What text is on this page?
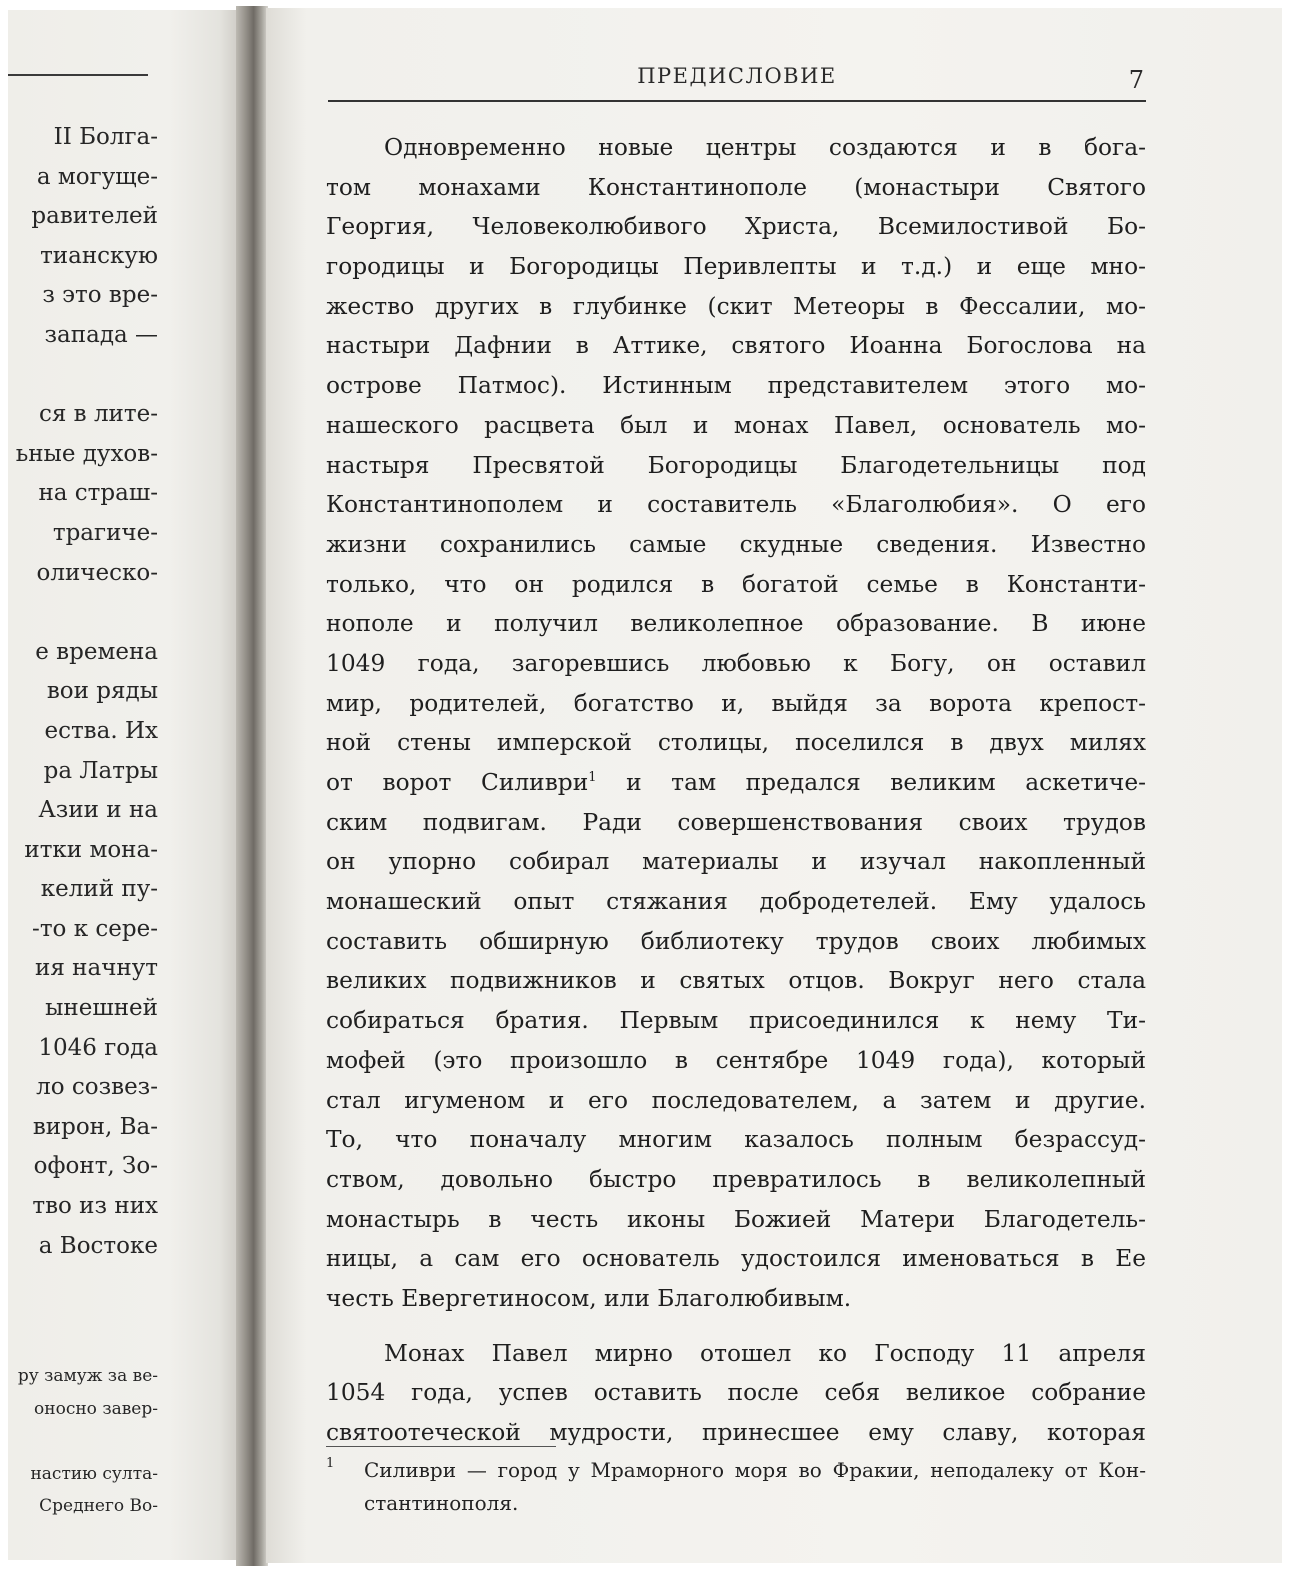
II Болга-
а могуще-
равителей
тианскую
з это вре-
запада —
ся в лите-
ьные духов-
на страш-
трагиче-
олическо-
е времена
вои ряды
ества. Их
ра Латры
Азии и на
итки мона-
келий пу-
-то к сере-
ия начнут
ынешней
1046 года
ло созвез-
вирон, Ва-
офонт, Зо-
тво из них
а Востоке
ру замуж за ве-
оносно завер-
настию султа-
Среднего Во-
ПРЕДИСЛОВИЕ	7
Одновременно новые центры создаются и в бога-
том монахами Константинополе (монастыри Святого
Георгия, Человеколюбивого Христа, Всемилостивой Бо-
городицы и Богородицы Перивлепты и т.д.) и еще мно-
жество других в глубинке (скит Метеоры в Фессалии, мо-
настыри Дафнии в Аттике, святого Иоанна Богослова на
острове Патмос). Истинным представителем этого мо-
нашеского расцвета был и монах Павел, основатель мо-
настыря Пресвятой Богородицы Благодетельницы под
Константинополем и составитель «Благолюбия». О его
жизни сохранились самые скудные сведения. Известно
только, что он родился в богатой семье в Константи-
нополе и получил великолепное образование. В июне
1049 года, загоревшись любовью к Богу, он оставил
мир, родителей, богатство и, выйдя за ворота крепост-
ной стены имперской столицы, поселился в двух милях
от ворот Силиври$^1$ и там предался великим аскетиче-
ским подвигам. Ради совершенствования своих трудов
он упорно собирал материалы и изучал накопленный
монашеский опыт стяжания добродетелей. Ему удалось
составить обширную библиотеку трудов своих любимых
великих подвижников и святых отцов. Вокруг него стала
собираться братия. Первым присоединился к нему Ти-
мофей (это произошло в сентябре 1049 года), который
стал игуменом и его последователем, а затем и другие.
То, что поначалу многим казалось полным безрассуд-
ством, довольно быстро превратилось в великолепный
монастырь в честь иконы Божией Матери Благодетель-
ницы, а сам его основатель удостоился именоваться в Ее
честь Евергетиносом, или Благолюбивым.
Монах Павел мирно отошел ко Господу 11 апреля
1054 года, успев оставить после себя великое собрание
святоотеческой мудрости, принесшее ему славу, которая
1	Силиври — город у Мраморного моря во Фракии, неподалеку от Кон-
стантинополя.
